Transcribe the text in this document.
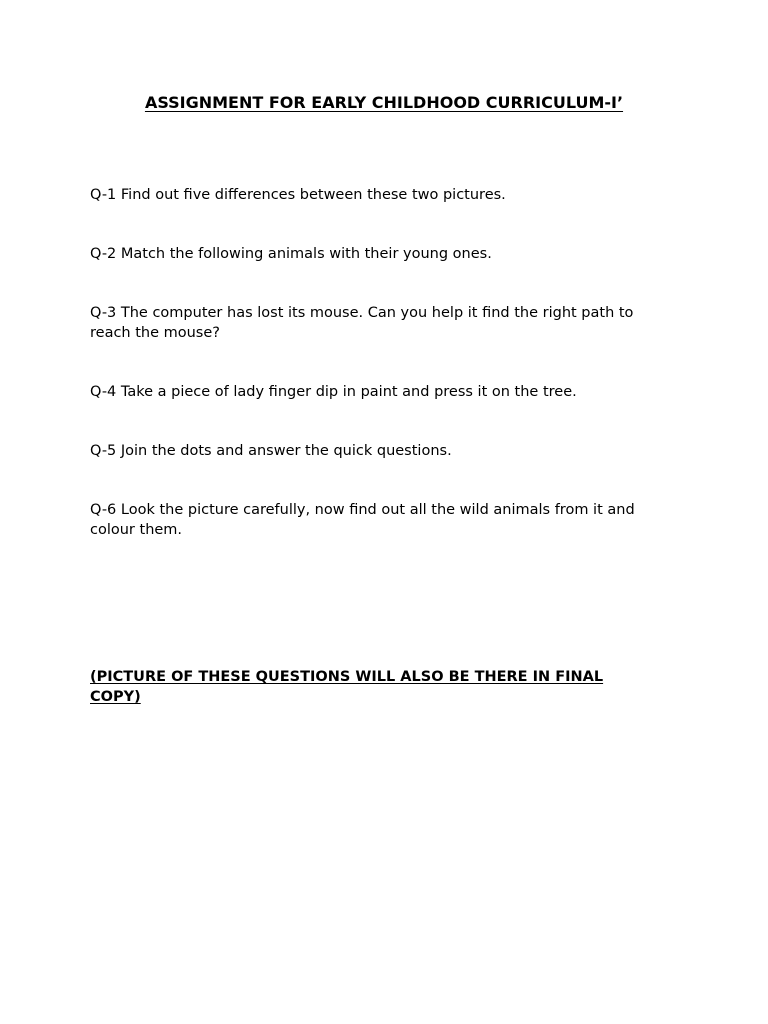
ASSIGNMENT FOR EARLY CHILDHOOD CURRICULUM-I’
Q-1 Find out five differences between these two pictures.
Q-2 Match the following animals with their young ones.
Q-3 The computer has lost its mouse. Can you help it find the right path to reach the mouse?
Q-4 Take a piece of lady finger dip in paint and press it on the tree.
Q-5 Join the dots and answer the quick questions.
Q-6 Look the picture carefully, now find out all the wild animals from it and colour them.

(PICTURE OF THESE QUESTIONS WILL ALSO BE THERE IN FINAL COPY)
